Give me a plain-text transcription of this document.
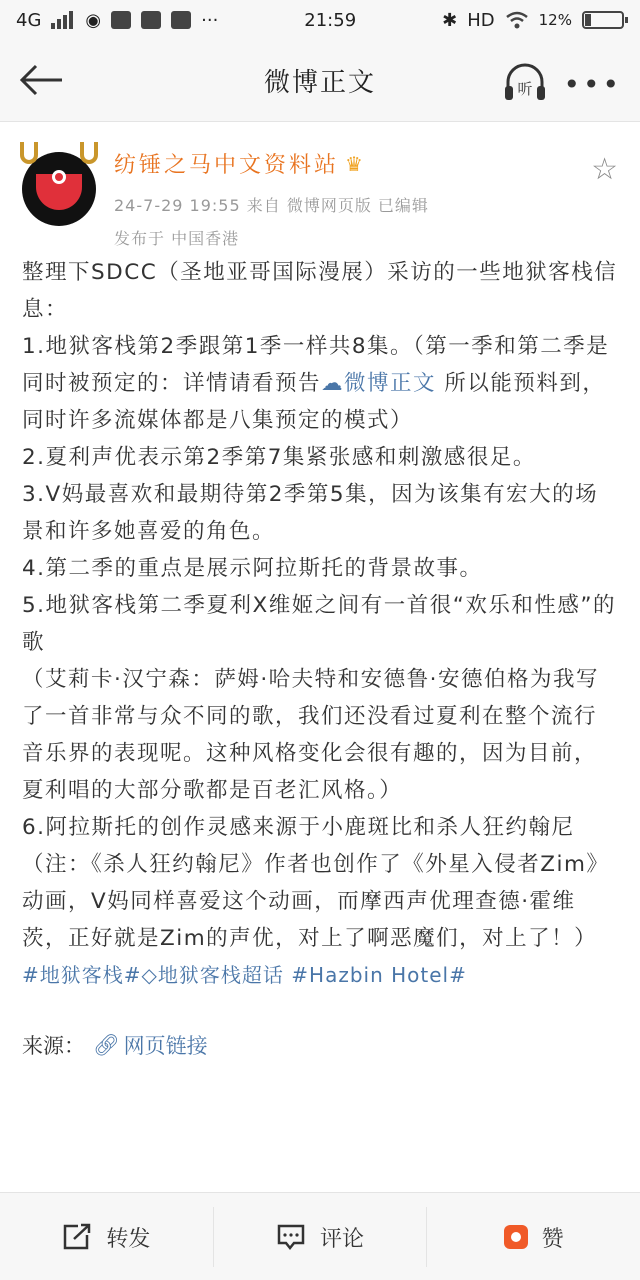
4G ◉	···	21:59	✱ HD	12%
微博正文	听 •••
纺锤之马中文资料站 ♛
24-7-29 19:55 来自 微博网页版 已编辑
发布于 中国香港
☆

整理下SDCC（圣地亚哥国际漫展）采访的一些地狱客栈信息：

1.地狱客栈第2季跟第1季一样共8集。（第一季和第二季是同时被预定的：详情请看预告☁微博正文 所以能预料到，同时许多流媒体都是八集预定的模式）

2.夏利声优表示第2季第7集紧张感和刺激感很足。

3.V妈最喜欢和最期待第2季第5集，因为该集有宏大的场景和许多她喜爱的角色。

4.第二季的重点是展示阿拉斯托的背景故事。

5.地狱客栈第二季夏利X维姬之间有一首很“欢乐和性感”的歌

（艾莉卡·汉宁森：萨姆·哈夫特和安德鲁·安德伯格为我写了一首非常与众不同的歌，我们还没看过夏利在整个流行音乐界的表现呢。这种风格变化会很有趣的，因为目前，夏利唱的大部分歌都是百老汇风格。）

6.阿拉斯托的创作灵感来源于小鹿斑比和杀人狂约翰尼

（注：《杀人狂约翰尼》作者也创作了《外星入侵者Zim》动画，V妈同样喜爱这个动画，而摩西声优理查德·霍维茨，正好就是Zim的声优，对上了啊恶魔们，对上了！）

#地狱客栈#◇地狱客栈超话 #Hazbin Hotel#
来源： 🔗︎ 网页链接
转发	评论	赞
